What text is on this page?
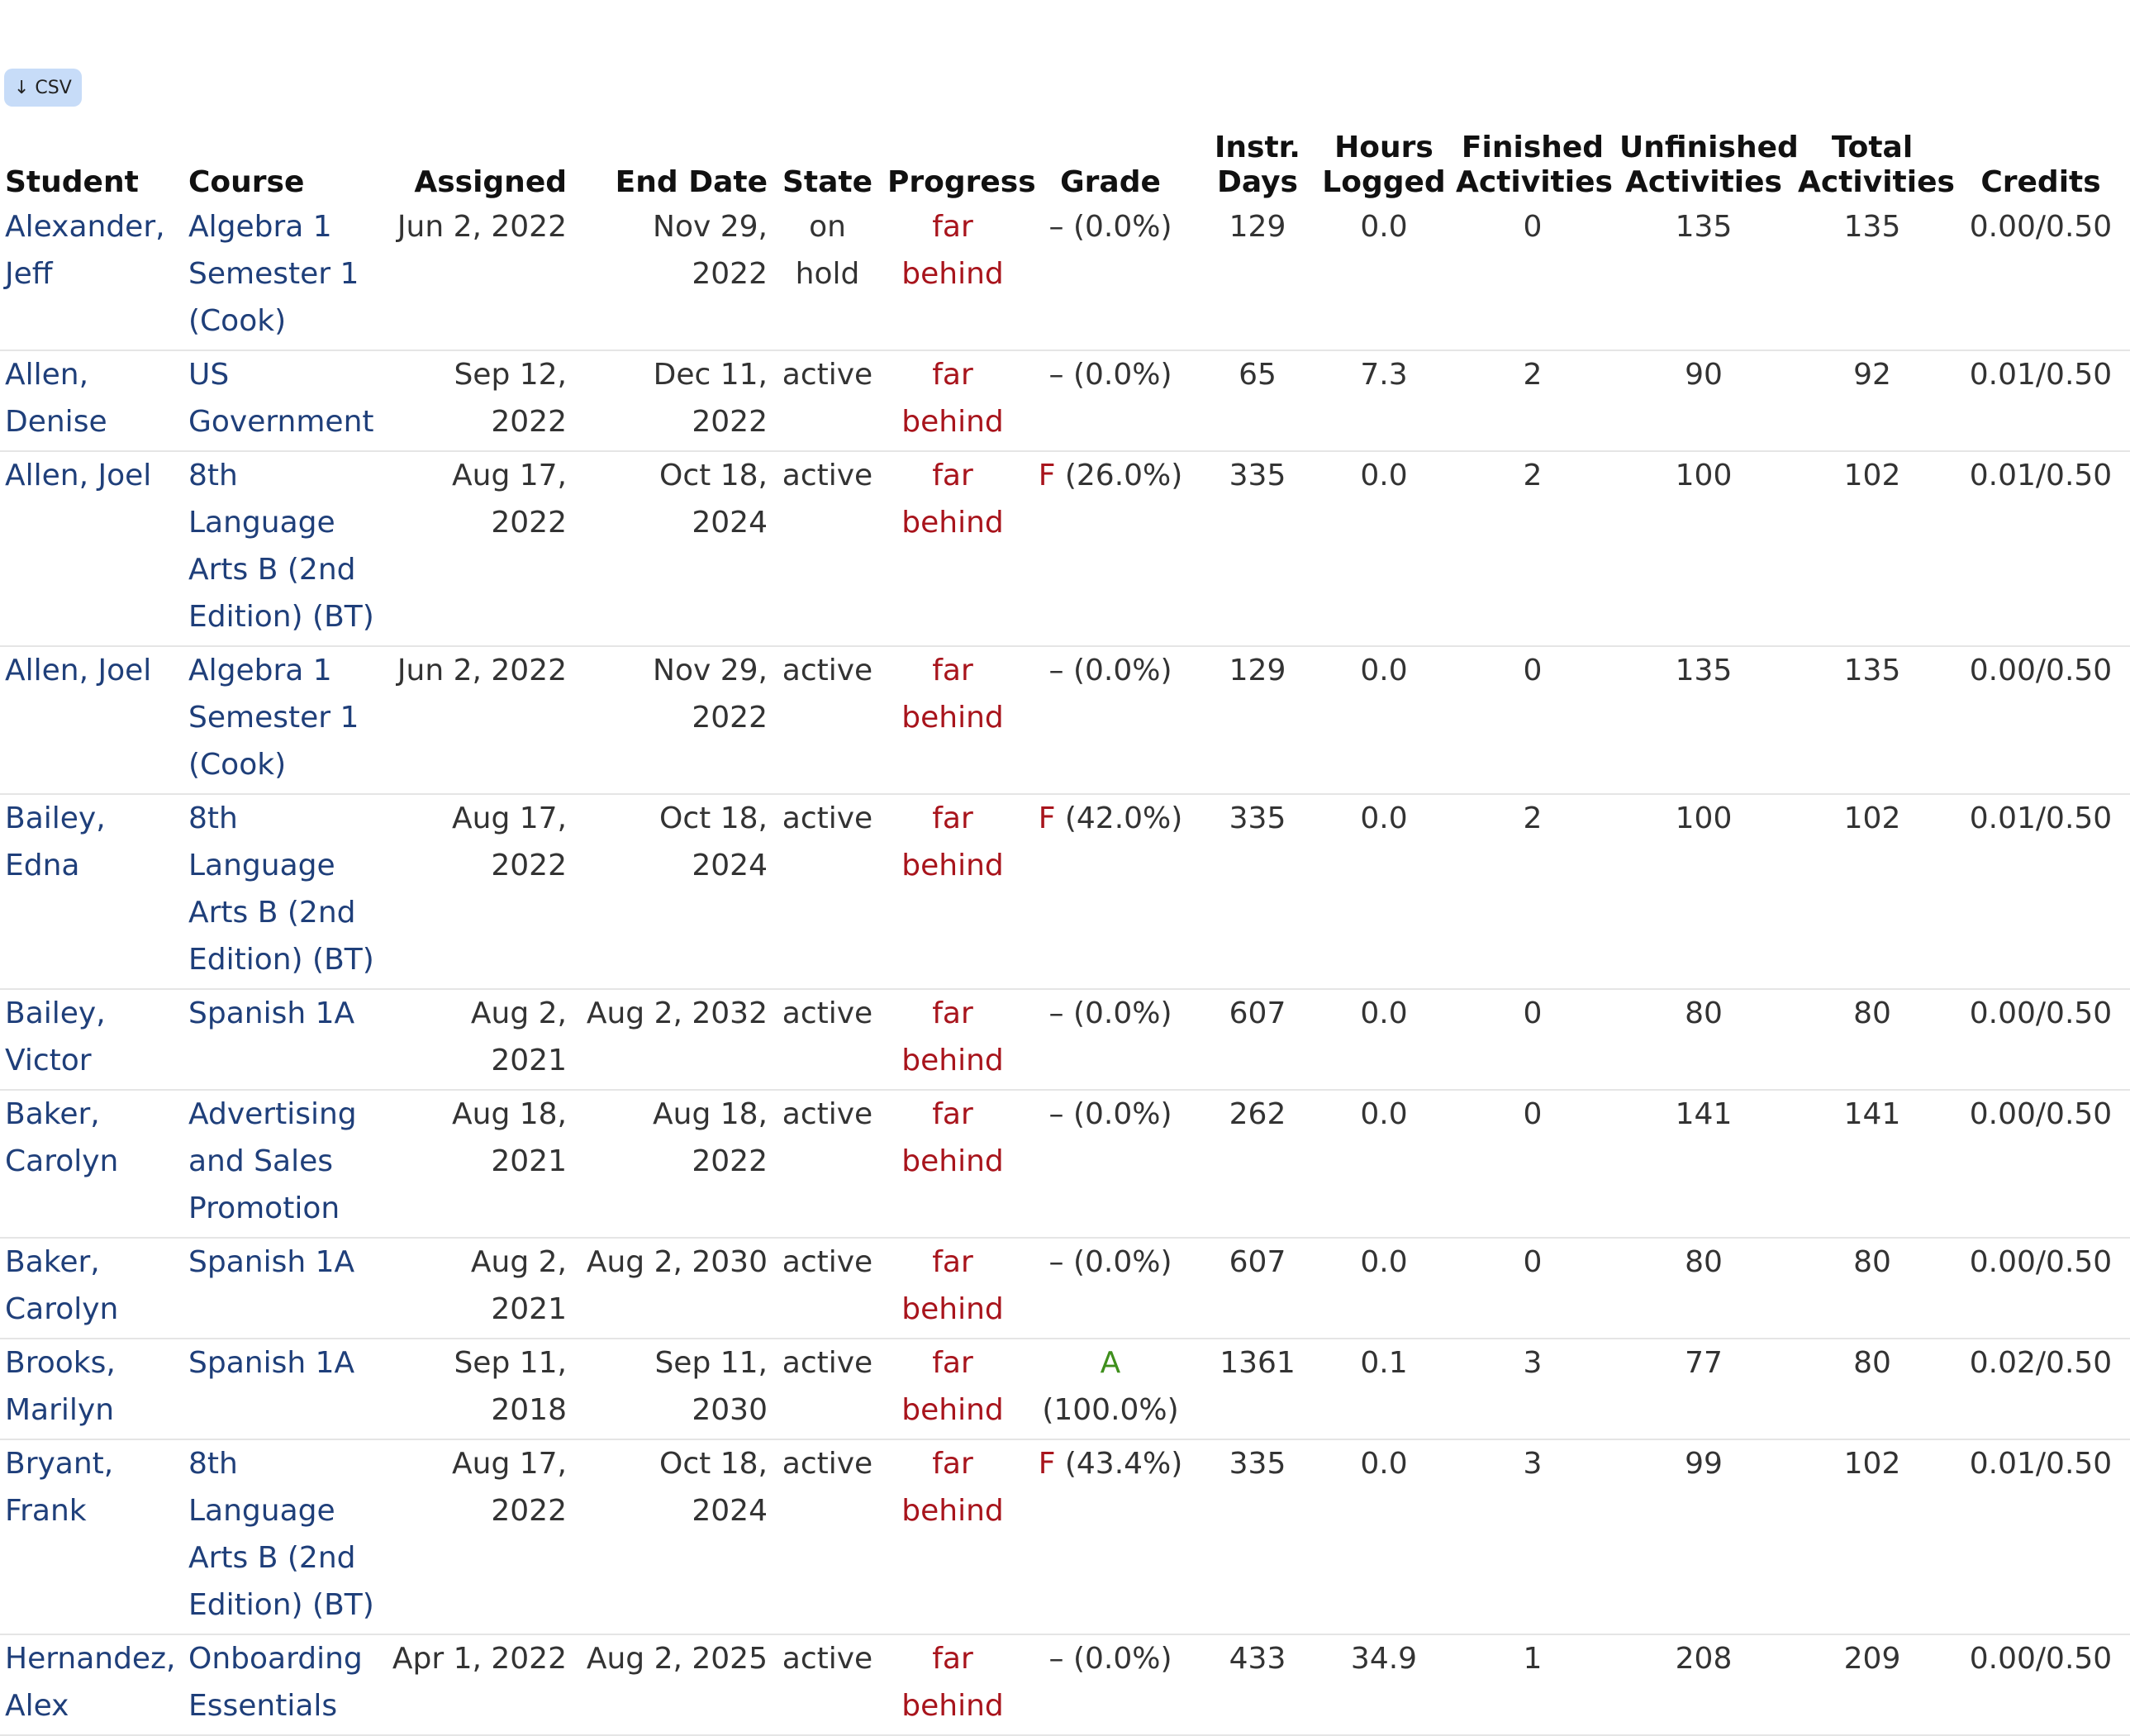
↓ CSV
Student	Course	Assigned	End Date	State	Progress	Grade	Instr. Days	Hours Logged	Finished Activities	Unfinished Activities	Total Activities	Credits
Alexander, Jeff	Algebra 1 Semester 1 (Cook)	Jun 2, 2022	Nov 29, 2022	on hold	far behind	– (0.0%)	129	0.0	0	135	135	0.00/0.50
Allen, Denise	US Government	Sep 12, 2022	Dec 11, 2022	active	far behind	– (0.0%)	65	7.3	2	90	92	0.01/0.50
Allen, Joel	8th Language Arts B (2nd Edition) (BT)	Aug 17, 2022	Oct 18, 2024	active	far behind	F (26.0%)	335	0.0	2	100	102	0.01/0.50
Allen, Joel	Algebra 1 Semester 1 (Cook)	Jun 2, 2022	Nov 29, 2022	active	far behind	– (0.0%)	129	0.0	0	135	135	0.00/0.50
Bailey, Edna	8th Language Arts B (2nd Edition) (BT)	Aug 17, 2022	Oct 18, 2024	active	far behind	F (42.0%)	335	0.0	2	100	102	0.01/0.50
Bailey, Victor	Spanish 1A	Aug 2, 2021	Aug 2, 2032	active	far behind	– (0.0%)	607	0.0	0	80	80	0.00/0.50
Baker, Carolyn	Advertising and Sales Promotion	Aug 18, 2021	Aug 18, 2022	active	far behind	– (0.0%)	262	0.0	0	141	141	0.00/0.50
Baker, Carolyn	Spanish 1A	Aug 2, 2021	Aug 2, 2030	active	far behind	– (0.0%)	607	0.0	0	80	80	0.00/0.50
Brooks, Marilyn	Spanish 1A	Sep 11, 2018	Sep 11, 2030	active	far behind	A (100.0%)	1361	0.1	3	77	80	0.02/0.50
Bryant, Frank	8th Language Arts B (2nd Edition) (BT)	Aug 17, 2022	Oct 18, 2024	active	far behind	F (43.4%)	335	0.0	3	99	102	0.01/0.50
Hernandez, Alex	Onboarding Essentials	Apr 1, 2022	Aug 2, 2025	active	far behind	– (0.0%)	433	34.9	1	208	209	0.00/0.50
